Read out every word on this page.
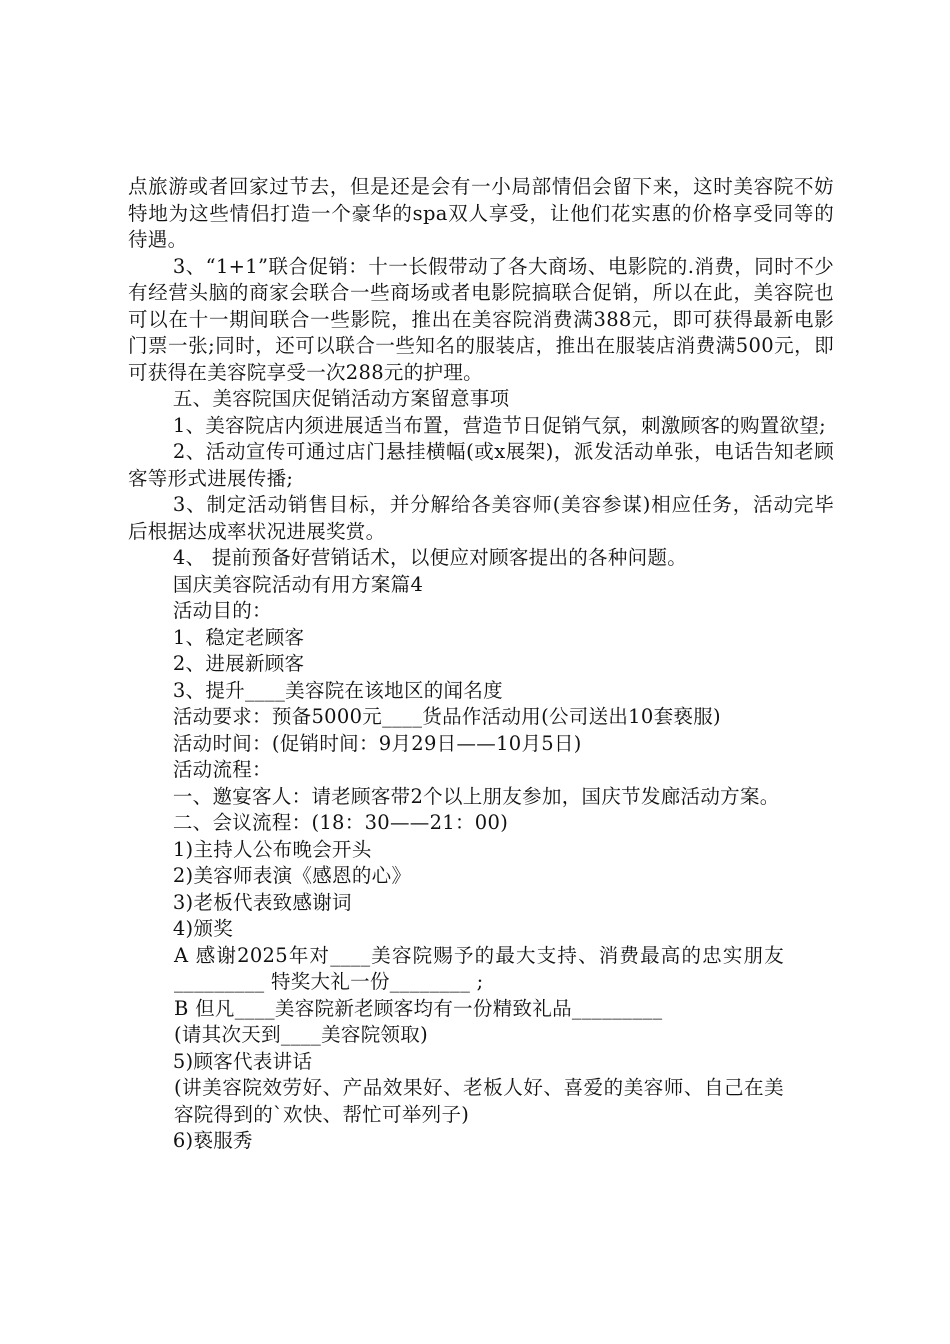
点旅游或者回家过节去，但是还是会有一小局部情侣会留下来，这时美容院不妨特地为这些情侣打造一个豪华的spa双人享受，让他们花实惠的价格享受同等的待遇。

3、“1+1”联合促销：十一长假带动了各大商场、电影院的.消费，同时不少有经营头脑的商家会联合一些商场或者电影院搞联合促销，所以在此，美容院也可以在十一期间联合一些影院，推出在美容院消费满388元，即可获得最新电影门票一张;同时，还可以联合一些知名的服装店，推出在服装店消费满500元，即可获得在美容院享受一次288元的护理。

五、美容院国庆促销活动方案留意事项

1、美容院店内须进展适当布置，营造节日促销气氛，刺激顾客的购置欲望;

2、活动宣传可通过店门悬挂横幅(或x展架)，派发活动单张，电话告知老顾客等形式进展传播;

3、制定活动销售目标，并分解给各美容师(美容参谋)相应任务，活动完毕后根据达成率状况进展奖赏。

4、 提前预备好营销话术，以便应对顾客提出的各种问题。

国庆美容院活动有用方案篇4

活动目的：

1、稳定老顾客

2、进展新顾客

3、提升____美容院在该地区的闻名度

活动要求：预备5000元____货品作活动用(公司送出10套亵服)

活动时间：(促销时间：9月29日——10月5日)

活动流程：

一、邀宴客人：请老顾客带2个以上朋友参加，国庆节发廊活动方案。

二、会议流程：(18：30——21：00)

1)主持人公布晚会开头

2)美容师表演《感恩的心》

3)老板代表致感谢词

4)颁奖

A 感谢2025年对____美容院赐予的最大支持、消费最高的忠实朋友_________ 特奖大礼一份________ ;

B 但凡____美容院新老顾客均有一份精致礼品_________

(请其次天到____美容院领取)

5)顾客代表讲话

(讲美容院效劳好、产品效果好、老板人好、喜爱的美容师、自己在美容院得到的`欢快、帮忙可举列子)

6)亵服秀
